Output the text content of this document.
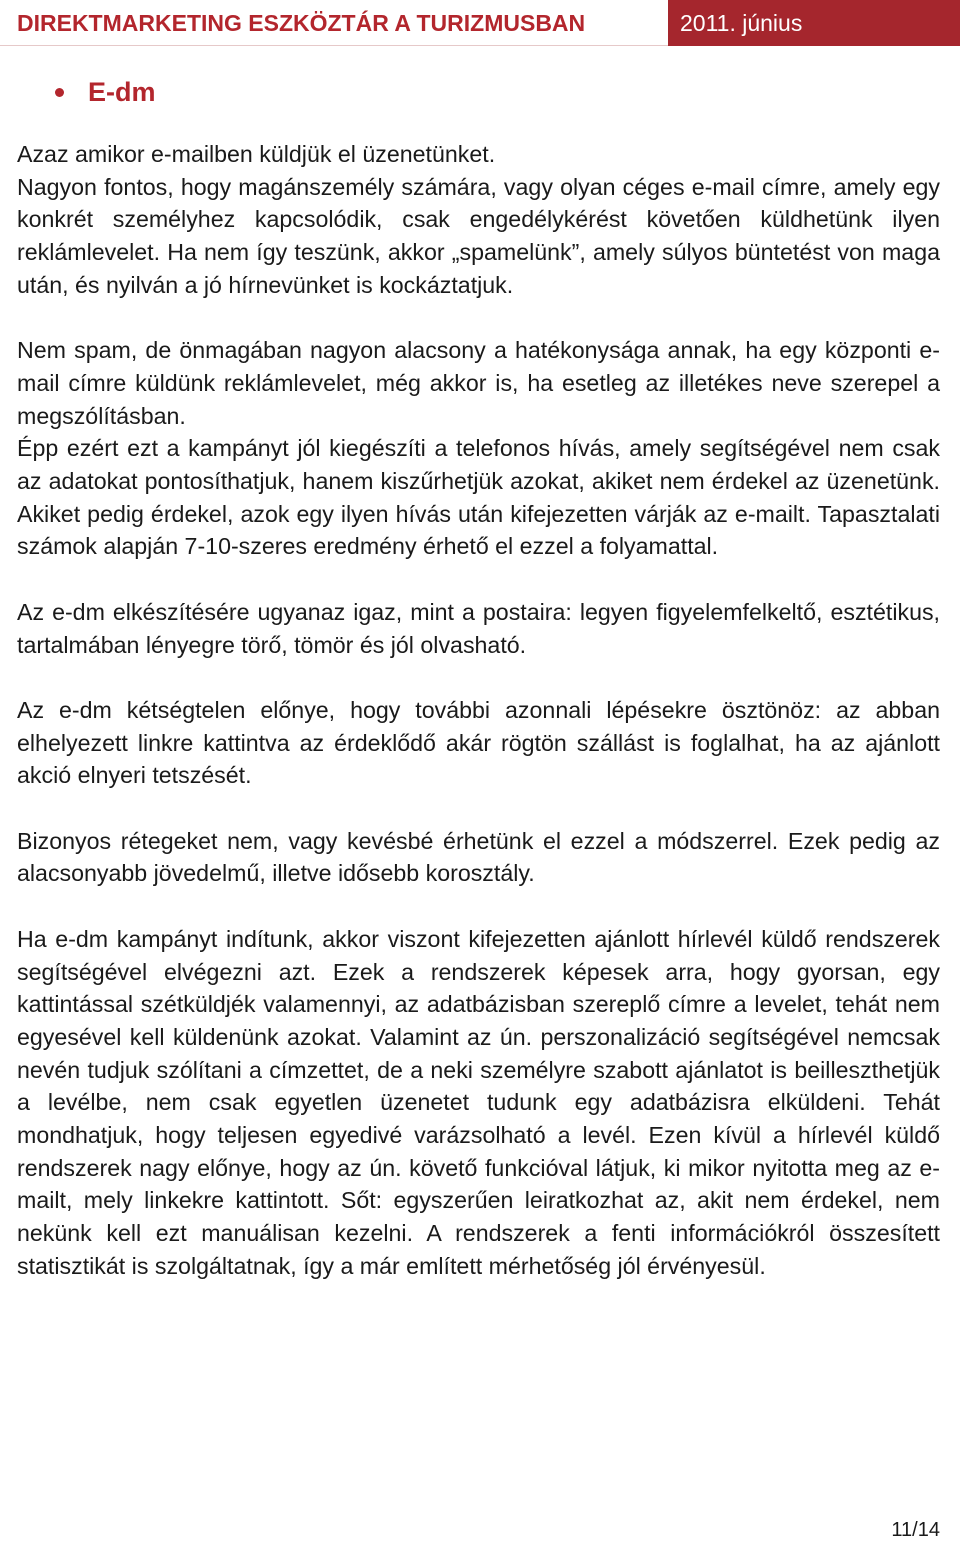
DIREKTMARKETING ESZKÖZTÁR A TURIZMUSBAN	2011. június
E-dm

Azaz amikor e-mailben küldjük el üzenetünket.

Nagyon fontos, hogy magánszemély számára, vagy olyan céges e-mail címre, amely egy konkrét személyhez kapcsolódik, csak engedélykérést követően küldhetünk ilyen reklámlevelet. Ha nem így teszünk, akkor „spamelünk”, amely súlyos büntetést von maga után, és nyilván a jó hírnevünket is kockáztatjuk.

Nem spam, de önmagában nagyon alacsony a hatékonysága annak, ha egy központi e-mail címre küldünk reklámlevelet, még akkor is, ha esetleg az illetékes neve szerepel a megszólításban.

Épp ezért ezt a kampányt jól kiegészíti a telefonos hívás, amely segítségével nem csak az adatokat pontosíthatjuk, hanem kiszűrhetjük azokat, akiket nem érdekel az üzenetünk. Akiket pedig érdekel, azok egy ilyen hívás után kifejezetten várják az e-mailt. Tapasztalati számok alapján 7-10-szeres eredmény érhető el ezzel a folyamattal.

Az e-dm elkészítésére ugyanaz igaz, mint a postaira: legyen figyelemfelkeltő, esztétikus, tartalmában lényegre törő, tömör és jól olvasható.

Az e-dm kétségtelen előnye, hogy további azonnali lépésekre ösztönöz: az abban elhelyezett linkre kattintva az érdeklődő akár rögtön szállást is foglalhat, ha az ajánlott akció elnyeri tetszését.

Bizonyos rétegeket nem, vagy kevésbé érhetünk el ezzel a módszerrel. Ezek pedig az alacsonyabb jövedelmű, illetve idősebb korosztály.

Ha e-dm kampányt indítunk, akkor viszont kifejezetten ajánlott hírlevél küldő rendszerek segítségével elvégezni azt. Ezek a rendszerek képesek arra, hogy gyorsan, egy kattintással szétküldjék valamennyi, az adatbázisban szereplő címre a levelet, tehát nem egyesével kell küldenünk azokat. Valamint az ún. perszonalizáció segítségével nemcsak nevén tudjuk szólítani a címzettet, de a neki személyre szabott ajánlatot is beilleszthetjük a levélbe, nem csak egyetlen üzenetet tudunk egy adatbázisra elküldeni. Tehát mondhatjuk, hogy teljesen egyedivé varázsolható a levél. Ezen kívül a hírlevél küldő rendszerek nagy előnye, hogy az ún. követő funkcióval látjuk, ki mikor nyitotta meg az e-mailt, mely linkekre kattintott. Sőt: egyszerűen leiratkozhat az, akit nem érdekel, nem nekünk kell ezt manuálisan kezelni. A rendszerek a fenti információkról összesített statisztikát is szolgáltatnak, így a már említett mérhetőség jól érvényesül.

11/14
